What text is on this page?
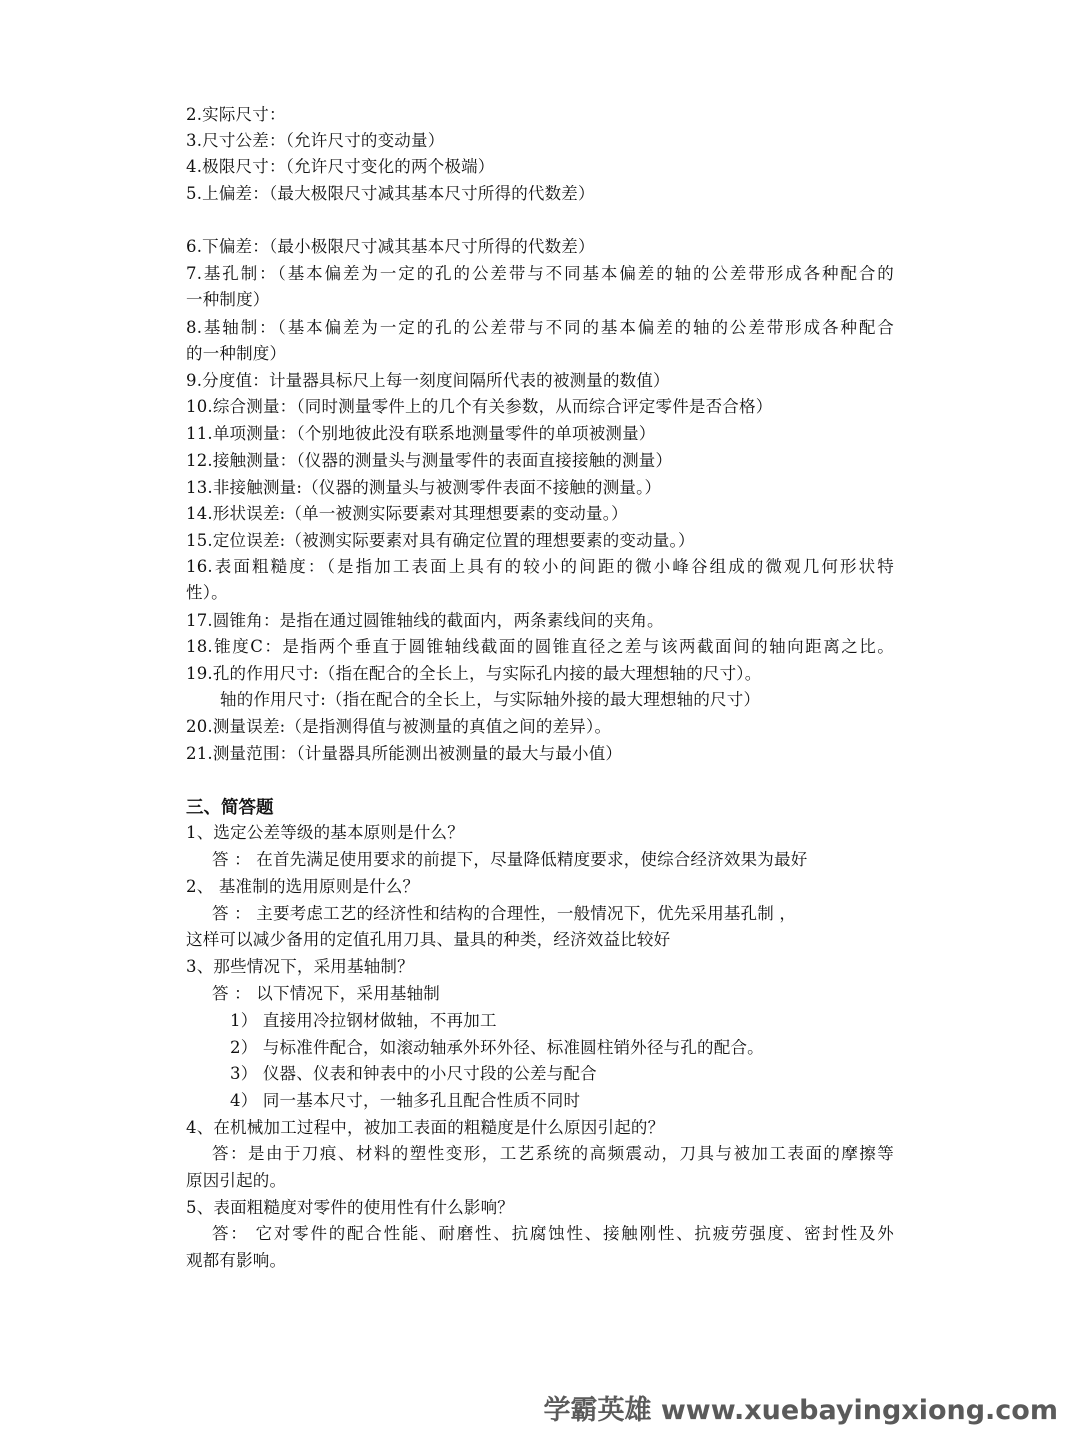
2.实际尺寸：
3.尺寸公差：（允许尺寸的变动量）
4.极限尺寸：（允许尺寸变化的两个极端）
5.上偏差：（最大极限尺寸减其基本尺寸所得的代数差）
6.下偏差：（最小极限尺寸减其基本尺寸所得的代数差）
7.基孔制：（基本偏差为一定的孔的公差带与不同基本偏差的轴的公差带形成各种配合的
一种制度）
8.基轴制：（基本偏差为一定的孔的公差带与不同的基本偏差的轴的公差带形成各种配合
的一种制度）
9.分度值：计量器具标尺上每一刻度间隔所代表的被测量的数值）
10.综合测量：（同时测量零件上的几个有关参数，从而综合评定零件是否合格）
11.单项测量：（个别地彼此没有联系地测量零件的单项被测量）
12.接触测量：（仪器的测量头与测量零件的表面直接接触的测量）
13.非接触测量:（仪器的测量头与被测零件表面不接触的测量。）
14.形状误差:（单一被测实际要素对其理想要素的变动量。）
15.定位误差:（被测实际要素对具有确定位置的理想要素的变动量。）
16.表面粗糙度：（是指加工表面上具有的较小的间距的微小峰谷组成的微观几何形状特
性）。
17.圆锥角：是指在通过圆锥轴线的截面内，两条素线间的夹角。
18.锥度C：是指两个垂直于圆锥轴线截面的圆锥直径之差与该两截面间的轴向距离之比。
19.孔的作用尺寸:（指在配合的全长上，与实际孔内接的最大理想轴的尺寸）。
轴的作用尺寸:（指在配合的全长上，与实际轴外接的最大理想轴的尺寸）
20.测量误差:（是指测得值与被测量的真值之间的差异）。
21.测量范围：（计量器具所能测出被测量的最大与最小值）
三、简答题
1、选定公差等级的基本原则是什么？
答 ： 在首先满足使用要求的前提下，尽量降低精度要求，使综合经济效果为最好
2、 基准制的选用原则是什么？
答 ： 主要考虑工艺的经济性和结构的合理性，一般情况下，优先采用基孔制 ，
这样可以减少备用的定值孔用刀具、量具的种类，经济效益比较好
3、那些情况下，采用基轴制？
答 ： 以下情况下，采用基轴制
1） 直接用冷拉钢材做轴，不再加工
2） 与标准件配合，如滚动轴承外环外径、标准圆柱销外径与孔的配合。
3） 仪器、仪表和钟表中的小尺寸段的公差与配合
4） 同一基本尺寸，一轴多孔且配合性质不同时
4、在机械加工过程中，被加工表面的粗糙度是什么原因引起的？
答：是由于刀痕、材料的塑性变形，工艺系统的高频震动，刀具与被加工表面的摩擦等
原因引起的。
5、表面粗糙度对零件的使用性有什么影响？
答： 它对零件的配合性能、耐磨性、抗腐蚀性、接触刚性、抗疲劳强度、密封性及外
观都有影响。
学霸英雄 www.xuebayingxiong.com
